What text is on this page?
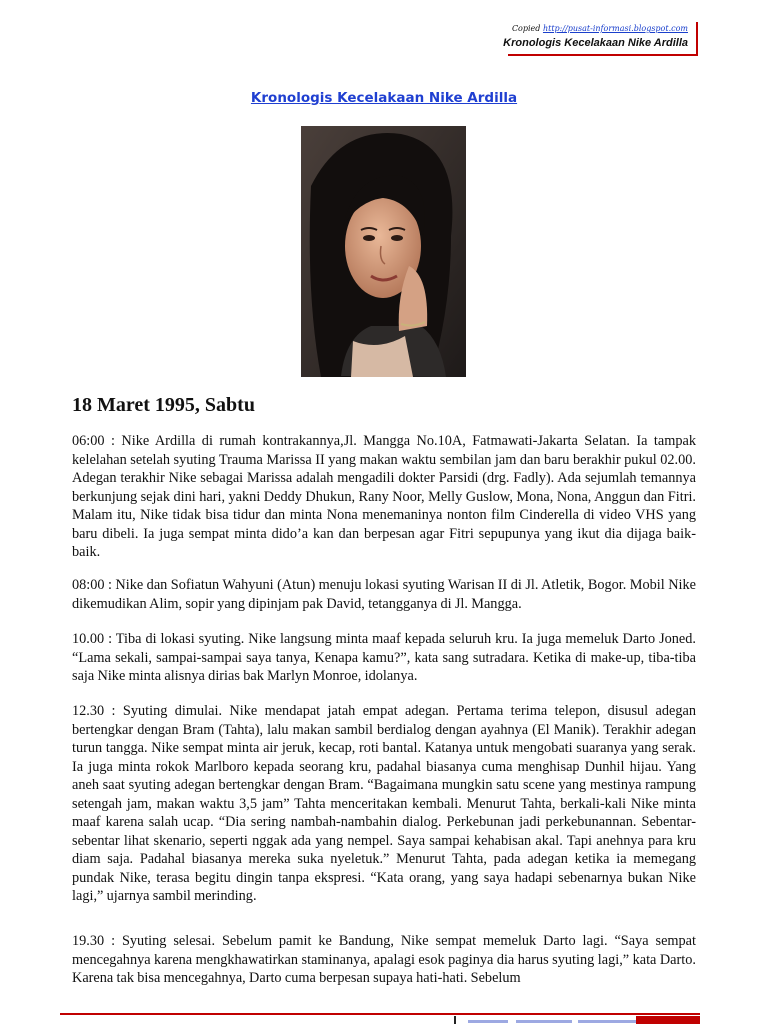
Copied http://pusat-informasi.blogspot.com
Kronologis Kecelakaan Nike Ardilla
Kronologis Kecelakaan Nike Ardilla
18 Maret 1995, Sabtu

06:00 : Nike Ardilla di rumah kontrakannya,Jl. Mangga No.10A, Fatmawati-Jakarta Selatan. Ia tampak kelelahan setelah syuting Trauma Marissa II yang makan waktu sembilan jam dan baru berakhir pukul 02.00. Adegan terakhir Nike sebagai Marissa adalah mengadili dokter Parsidi (drg. Fadly). Ada sejumlah temannya berkunjung sejak dini hari, yakni Deddy Dhukun, Rany Noor, Melly Guslow, Mona, Nona, Anggun dan Fitri. Malam itu, Nike tidak bisa tidur dan minta Nona menemaninya nonton film Cinderella di video VHS yang baru dibeli. Ia juga sempat minta dido’a kan dan berpesan agar Fitri sepupunya yang ikut dia dijaga baik-baik.

08:00 : Nike dan Sofiatun Wahyuni (Atun) menuju lokasi syuting Warisan II di Jl. Atletik, Bogor. Mobil Nike dikemudikan Alim, sopir yang dipinjam pak David, tetangganya di Jl. Mangga.

10.00 : Tiba di lokasi syuting. Nike langsung minta maaf kepada seluruh kru. Ia juga memeluk Darto Joned. “Lama sekali, sampai-sampai saya tanya, Kenapa kamu?”, kata sang sutradara. Ketika di make-up, tiba-tiba saja Nike minta alisnya dirias bak Marlyn Monroe, idolanya.

12.30 : Syuting dimulai. Nike mendapat jatah empat adegan. Pertama terima telepon, disusul adegan bertengkar dengan Bram (Tahta), lalu makan sambil berdialog dengan ayahnya (El Manik). Terakhir adegan turun tangga. Nike sempat minta air jeruk, kecap, roti bantal. Katanya untuk mengobati suaranya yang serak. Ia juga minta rokok Marlboro kepada seorang kru, padahal biasanya cuma menghisap Dunhil hijau. Yang aneh saat syuting adegan bertengkar dengan Bram. “Bagaimana mungkin satu scene yang mestinya rampung setengah jam, makan waktu 3,5 jam” Tahta menceritakan kembali. Menurut Tahta, berkali-kali Nike minta maaf karena salah ucap. “Dia sering nambah-nambahin dialog. Perkebunan jadi perkebunannan. Sebentar-sebentar lihat skenario, seperti nggak ada yang nempel. Saya sampai kehabisan akal. Tapi anehnya para kru diam saja. Padahal biasanya mereka suka nyeletuk.” Menurut Tahta, pada adegan ketika ia memegang pundak Nike, terasa begitu dingin tanpa ekspresi. “Kata orang, yang saya hadapi sebenarnya bukan Nike lagi,” ujarnya sambil merinding.

19.30 : Syuting selesai. Sebelum pamit ke Bandung, Nike sempat memeluk Darto lagi. “Saya sempat mencegahnya karena mengkhawatirkan staminanya, apalagi esok paginya dia harus syuting lagi,” kata Darto. Karena tak bisa mencegahnya, Darto cuma berpesan supaya hati-hati. Sebelum
